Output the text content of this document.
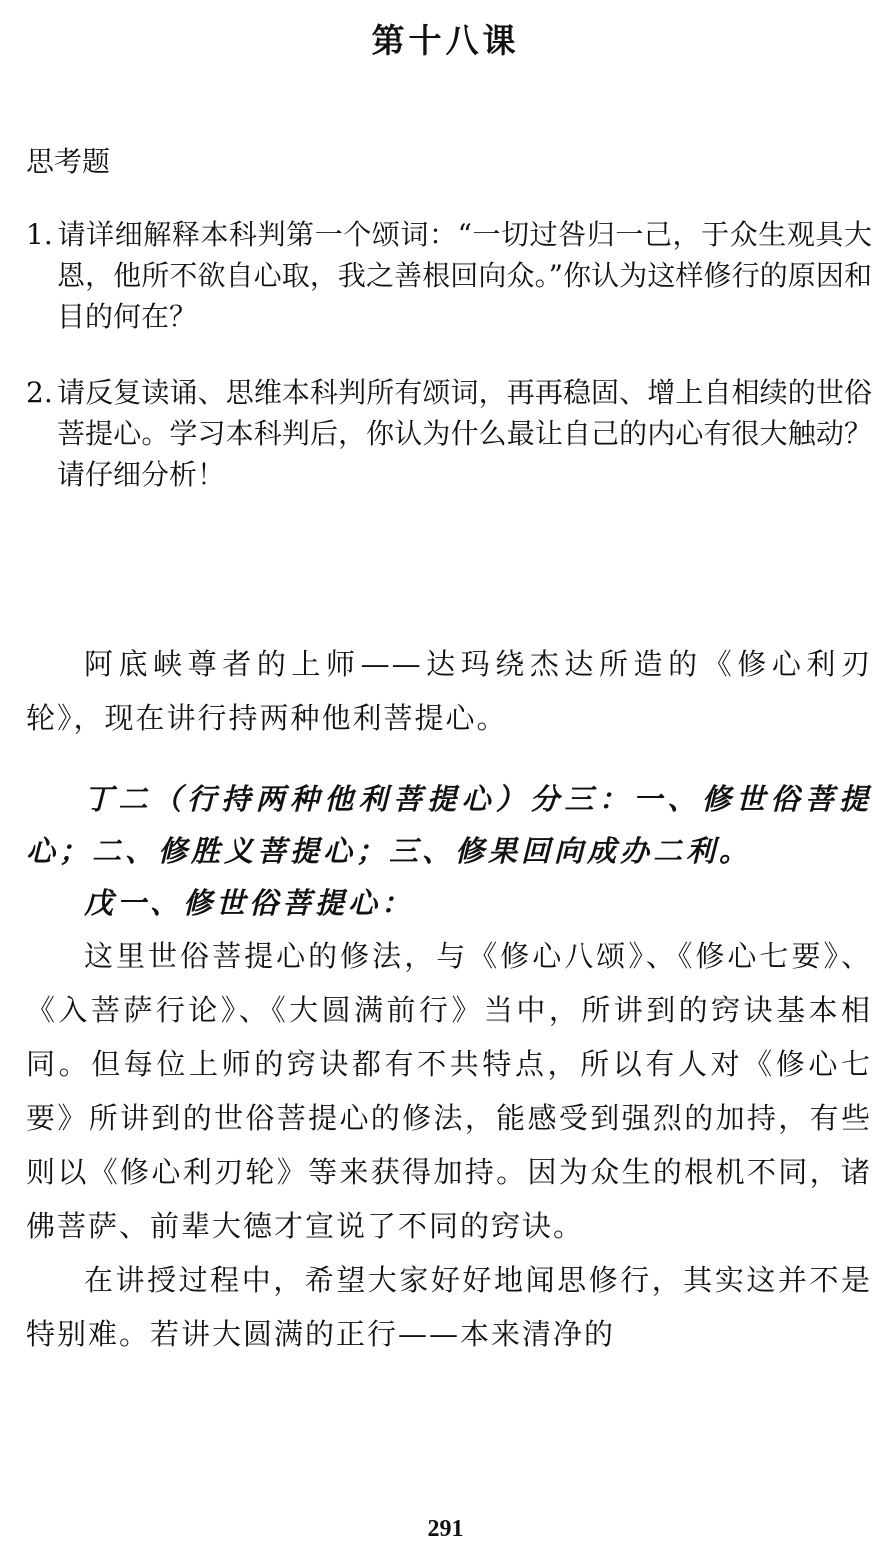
第十八课
思考题
1. 请详细解释本科判第一个颂词：“一切过咎归一己，于众生观具大恩，他所不欲自心取，我之善根回向众。”你认为这样修行的原因和目的何在？
2. 请反复读诵、思维本科判所有颂词，再再稳固、增上自相续的世俗菩提心。学习本科判后，你认为什么最让自己的内心有很大触动？请仔细分析！

阿底峡尊者的上师——达玛绕杰达所造的《修心利刃轮》，现在讲行持两种他利菩提心。

丁二（行持两种他利菩提心）分三：一、修世俗菩提心；二、修胜义菩提心；三、修果回向成办二利。

戊一、修世俗菩提心：

这里世俗菩提心的修法，与《修心八颂》、《修心七要》、《入菩萨行论》、《大圆满前行》当中，所讲到的窍诀基本相同。但每位上师的窍诀都有不共特点，所以有人对《修心七要》所讲到的世俗菩提心的修法，能感受到强烈的加持，有些则以《修心利刃轮》等来获得加持。因为众生的根机不同，诸佛菩萨、前辈大德才宣说了不同的窍诀。

在讲授过程中，希望大家好好地闻思修行，其实这并不是特别难。若讲大圆满的正行——本来清净的

291
